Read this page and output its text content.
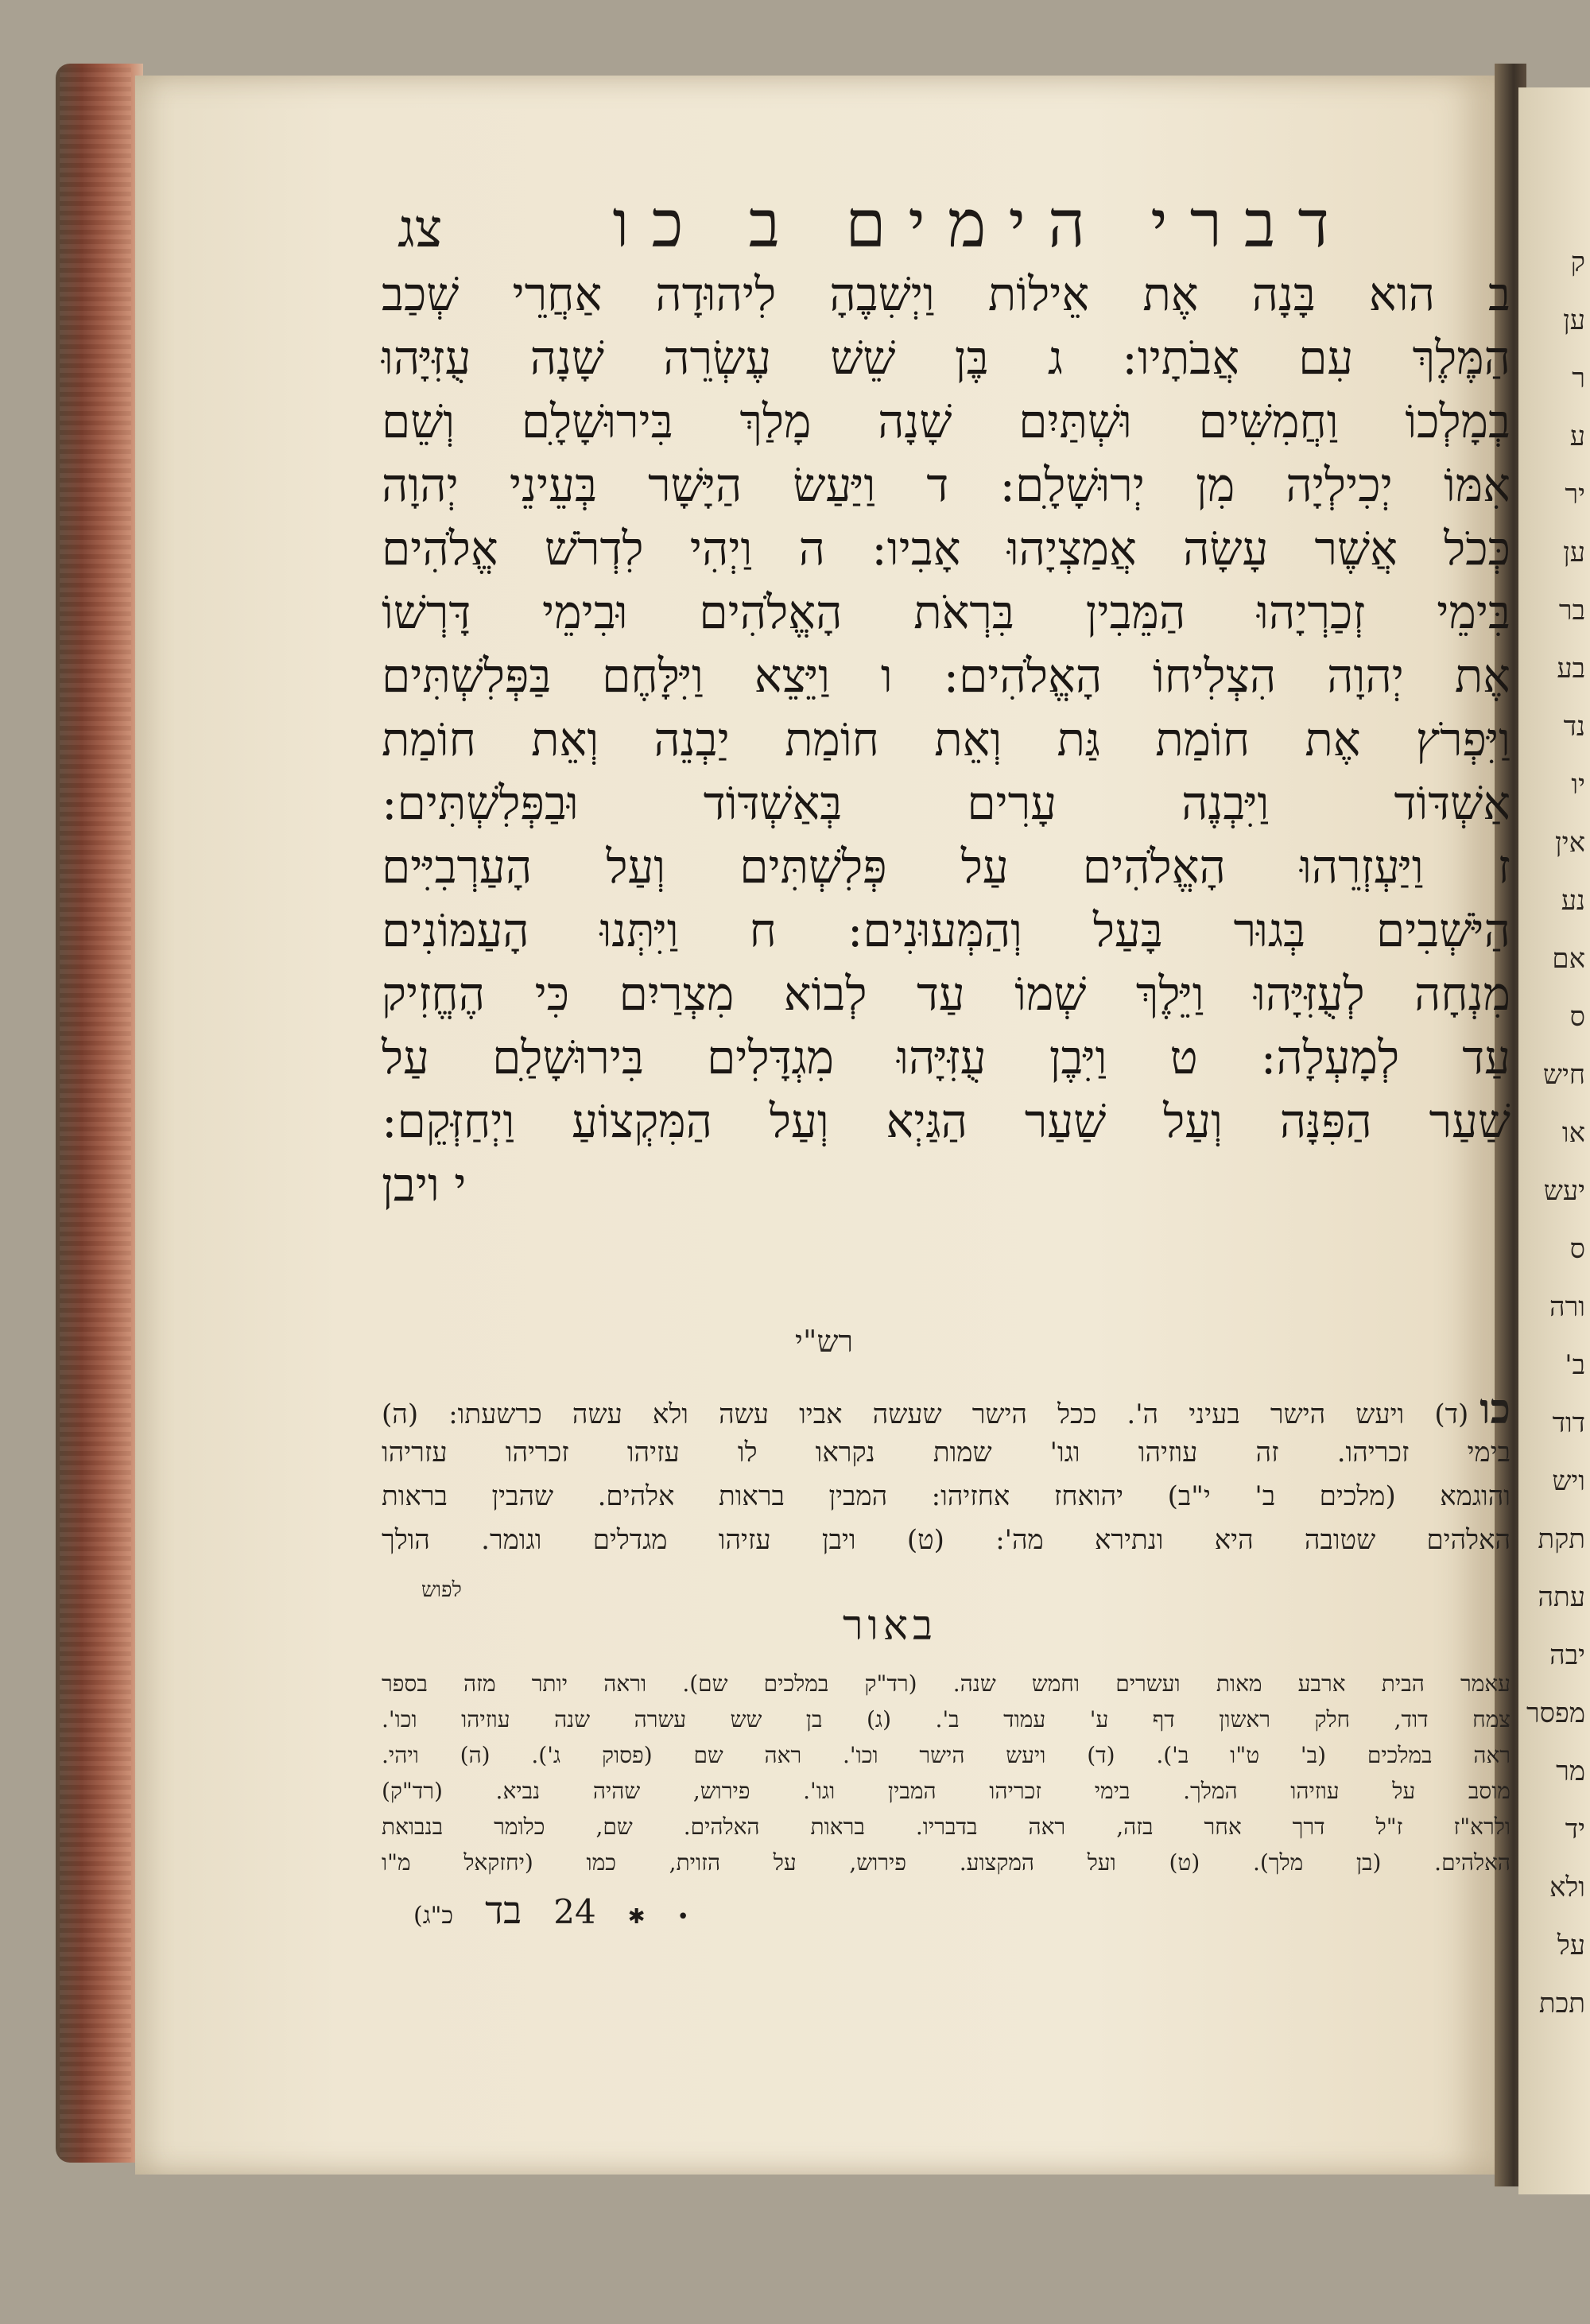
ק
ען
ר
ע
יר
ען
בר
בע
נד
יו
אין
נע
אם
ס
חיש
או
יעש
ס
ורה
ב'
דוד
ויש
תקת
עתה
יבה
מפסר
מר
יד
ולא
על
תכת
דברי הימים ב כו
צג
ב הוא בָּנָה אֶת אֵילוֹת וַיְשִׁבֶהָ לִיהוּדָה אַחֲרֵי שְׁכַב
הַמֶּלֶךְ עִם אֲבֹתָיו: ג בֶּן שֵׁשׁ עֶשְׂרֵה שָׁנָה עֻזִּיָּהוּ
בְמָלְכוֹ וַחֲמִשִּׁים וּשְׁתַּיִם שָׁנָה מָלַךְ בִּירוּשָׁלָ‍ִם וְשֵׁם
אִמּוֹ יְכִילְיָה מִן יְרוּשָׁלָ‍ִם: ד וַיַּעַשׂ הַיָּשָׁר בְּעֵינֵי יְהוָה
כְּכֹל אֲשֶׁר עָשָׂה אֲמַצְיָהוּ אָבִיו: ה וַיְהִי לִדְרֹשׁ אֱלֹהִים
בִּימֵי זְכַרְיָהוּ הַמֵּבִין בִּרְאֹת הָאֱלֹהִים וּבִימֵי דָּרְשׁוֹ
אֶת יְהוָה הִצְלִיחוֹ הָאֱלֹהִים: ו וַיֵּצֵא וַיִּלָּחֶם בַּפְּלִשְׁתִּים
וַיִּפְרֹץ אֶת חוֹמַת גַּת וְאֵת חוֹמַת יַבְנֵה וְאֵת חוֹמַת
אַשְׁדּוֹד וַיִּבְנֶה עָרִים בְּאַשְׁדּוֹד וּבַפְּלִשְׁתִּים:
ז וַיַּעְזְרֵהוּ הָאֱלֹהִים עַל פְּלִשְׁתִּים וְעַל הָעַרְבִיִּים
הַיֹּשְׁבִים בְּגוּר בָּעַל וְהַמְּעוּנִים: ח וַיִּתְּנוּ הָעַמּוֹנִים
מִנְחָה לְעֻזִּיָּהוּ וַיֵּלֶךְ שְׁמוֹ עַד לְבוֹא מִצְרַיִם כִּי הֶחֱזִיק
עַד לְמָעְלָה: ט וַיִּבֶן עֻזִּיָּהוּ מִגְדָּלִים בִּירוּשָׁלַ‍ִם עַל
שַׁעַר הַפִּנָּה וְעַל שַׁעַר הַגַּיְא וְעַל הַמִּקְצוֹעַ וַיְחַזְּקֵם:
י ויבן
רש"י
כו(ד) ויעש הישר בעיני ה'. ככל הישר שעשה אביו עשה ולא עשה כרשעתו: (ה)
בימי זכריהו. זה עוזיהו וגו' שמות נקראו לו עזיהו זכריהו עזריהו
והוגמא (מלכים ב' י"ב) יהואחז אחזיהו: המבין בראות אלהים. שהבין בראות
האלהים שטובה היא ונתירא מה': (ט) ויבן עזיהו מגדלים וגומר. הולך
לפוש
באור
עאמר הבית ארבע מאות ועשרים וחמש שנה. (רד"ק במלכים שם). וראה יותר מזה בספר
צמח דוד, חלק ראשון דף ע' עמוד ב'. (ג) בן שש עשרה שנה עוזיהו וכו'.
ראה במלכים (ב' ט"ו ב'). (ד) ויעש הישר וכו'. ראה שם (פסוק ג'). (ה) ויהי.
מוסב על עוזיהו המלך. בימי זכריהו המבין וגו'. פירוש, שהיה נביא. (רד"ק)
ולרא"ז ז"ל דרך אחר בזה, ראה בדבריו. בראות האלהים. שם, כלומר בנבואת
האלהים. (בן מלך). (ט) ועל המקצוע. פירוש, על הזוית, כמו (יחזקאל מ"ו
כ"ג) בד 24 ✱ •
